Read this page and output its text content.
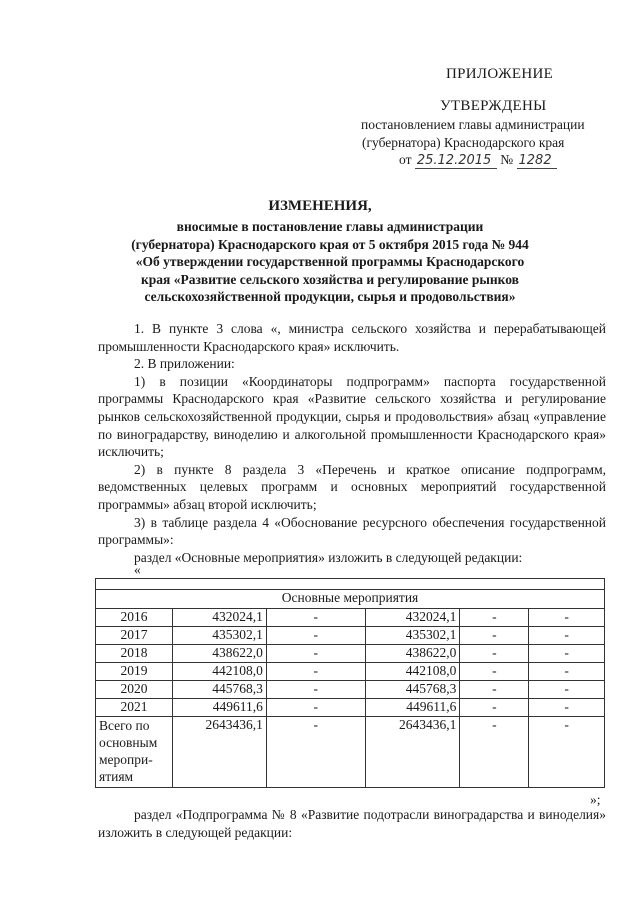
ПРИЛОЖЕНИЕ
УТВЕРЖДЕНЫ
постановлением главы администрации
(губернатора) Краснодарского края
от 25.12.2015 № 1282
ИЗМЕНЕНИЯ,
вносимые в постановление главы администрации
(губернатора) Краснодарского края от 5 октября 2015 года № 944
«Об утверждении государственной программы Краснодарского
края «Развитие сельского хозяйства и регулирование рынков
сельскохозяйственной продукции, сырья и продовольствия»

1. В пункте 3 слова «, министра сельского хозяйства и перерабатывающей промышленности Краснодарского края» исключить.

2. В приложении:

1) в позиции «Координаторы подпрограмм» паспорта государственной программы Краснодарского края «Развитие сельского хозяйства и регулирование рынков сельскохозяйственной продукции, сырья и продовольствия» абзац «управление по виноградарству, виноделию и алкогольной промышленности Краснодарского края» исключить;

2) в пункте 8 раздела 3 «Перечень и краткое описание подпрограмм, ведомственных целевых программ и основных мероприятий государственной программы» абзац второй исключить;

3) в таблице раздела 4 «Обоснование ресурсного обеспечения государственной программы»:

раздел «Основные мероприятия» изложить в следующей редакции:

«

Основные мероприятия					
2016	432024,1	-	432024,1	-	-
2017	435302,1	-	435302,1	-	-
2018	438622,0	-	438622,0	-	-
2019	442108,0	-	442108,0	-	-
2020	445768,3	-	445768,3	-	-
2021	449611,6	-	449611,6	-	-

Всего по
основным
меропри-
ятиям	2643436,1	-	2643436,1	-	-
»;

раздел «Подпрограмма № 8 «Развитие подотрасли виноградарства и виноделия» изложить в следующей редакции:
